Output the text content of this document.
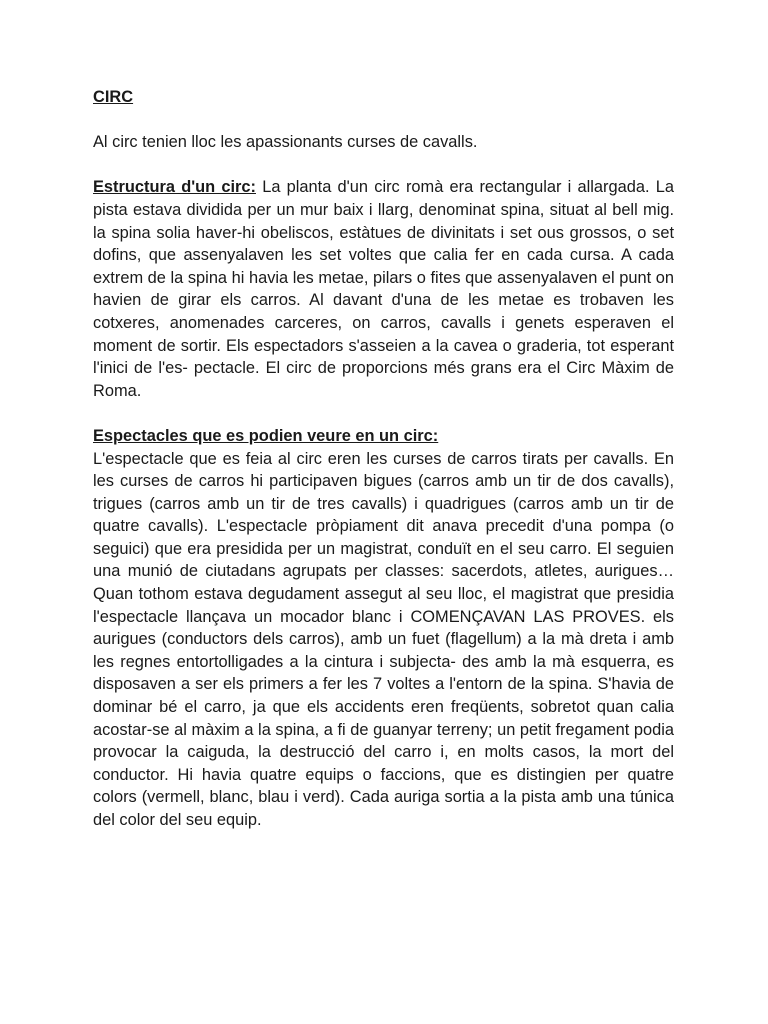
CIRC

Al circ tenien lloc les apassionants curses de cavalls.

Estructura d'un circ: La planta d'un circ romà era rectangular i allargada. La pista estava dividida per un mur baix i llarg, denominat spina, situat al bell mig. la spina solia haver-hi obeliscos, estàtues de divinitats i set ous grossos, o set dofins, que assenyalaven les set voltes que calia fer en cada cursa. A cada extrem de la spina hi havia les metae, pilars o fites que assenyalaven el punt on havien de girar els carros. Al davant d'una de les metae es trobaven les cotxeres, anomenades carceres, on carros, cavalls i genets esperaven el moment de sortir. Els espectadors s'asseien a la cavea o graderia, tot esperant l'inici de l'es- pectacle. El circ de proporcions més grans era el Circ Màxim de Roma.

Espectacles que es podien veure en un circ:

L'espectacle que es feia al circ eren les curses de carros tirats per cavalls. En les curses de carros hi participaven bigues (carros amb un tir de dos cavalls), trigues (carros amb un tir de tres cavalls) i quadrigues (carros amb un tir de quatre cavalls). L'espectacle pròpiament dit anava precedit d'una pompa (o seguici) que era presidida per un magistrat, conduït en el seu carro. El seguien una munió de ciutadans agrupats per classes: sacerdots, atletes, aurigues… Quan tothom estava degudament assegut al seu lloc, el magistrat que presidia l'espectacle llançava un mocador blanc i COMENÇAVAN LAS PROVES. els aurigues (conductors dels carros), amb un fuet (flagellum) a la mà dreta i amb les regnes entortolligades a la cintura i subjecta- des amb la mà esquerra, es disposaven a ser els primers a fer les 7 voltes a l'entorn de la spina. S'havia de dominar bé el carro, ja que els accidents eren freqüents, sobretot quan calia acostar-se al màxim a la spina, a fi de guanyar terreny; un petit fregament podia provocar la caiguda, la destrucció del carro i, en molts casos, la mort del conductor. Hi havia quatre equips o faccions, que es distingien per quatre colors (vermell, blanc, blau i verd). Cada auriga sortia a la pista amb una túnica del color del seu equip.
